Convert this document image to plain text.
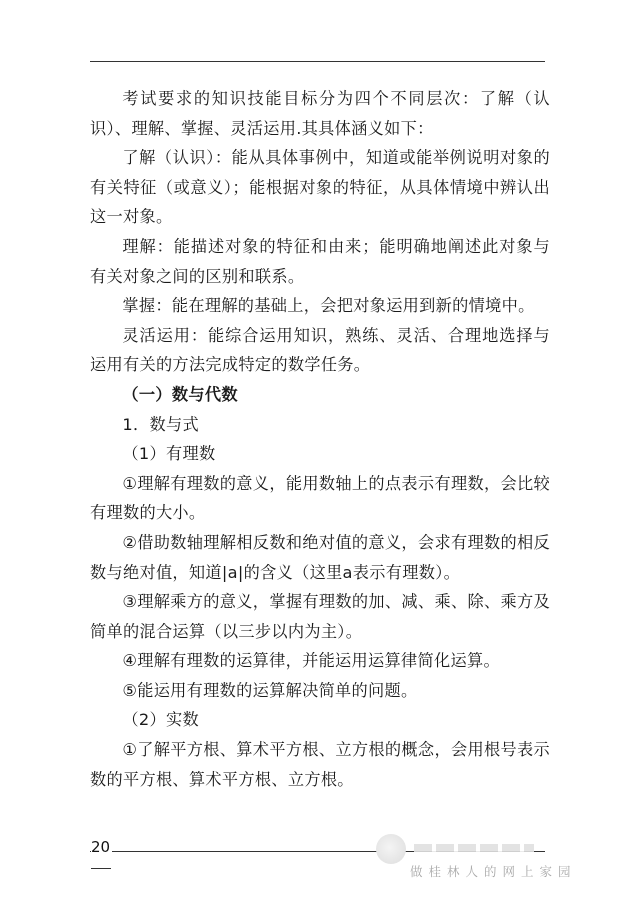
考试要求的知识技能目标分为四个不同层次：了解（认识）、理解、掌握、灵活运用.其具体涵义如下：

了解（认识）：能从具体事例中，知道或能举例说明对象的有关特征（或意义）；能根据对象的特征，从具体情境中辨认出这一对象。

理解：能描述对象的特征和由来；能明确地阐述此对象与有关对象之间的区别和联系。

掌握：能在理解的基础上，会把对象运用到新的情境中。

灵活运用：能综合运用知识，熟练、灵活、合理地选择与运用有关的方法完成特定的数学任务。

（一）数与代数

1．数与式

（1）有理数

①理解有理数的意义，能用数轴上的点表示有理数，会比较有理数的大小。

②借助数轴理解相反数和绝对值的意义，会求有理数的相反数与绝对值，知道|a|的含义（这里a表示有理数）。

③理解乘方的意义，掌握有理数的加、减、乘、除、乘方及简单的混合运算（以三步以内为主）。

④理解有理数的运算律，并能运用运算律简化运算。

⑤能运用有理数的运算解决简单的问题。

（2）实数

①了解平方根、算术平方根、立方根的概念，会用根号表示数的平方根、算术平方根、立方根。

20
做桂林人的网上家园
